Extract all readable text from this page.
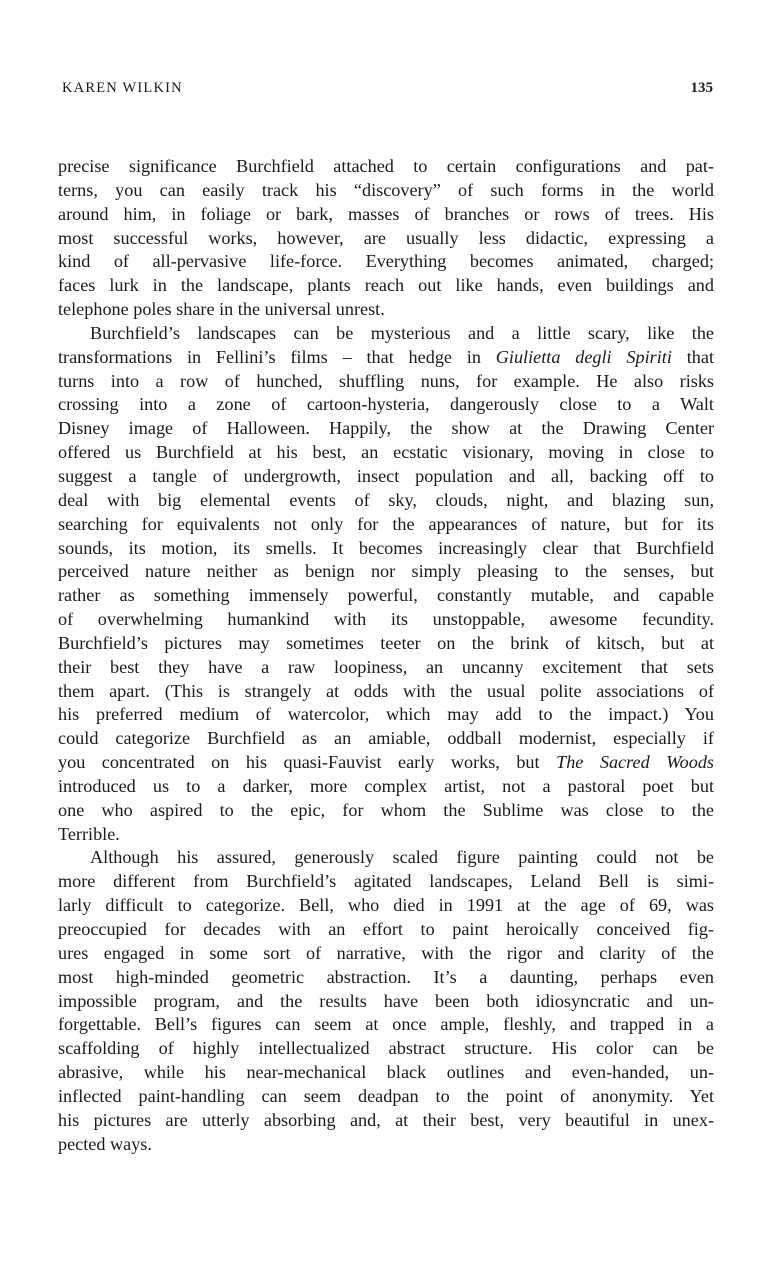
KAREN WILKIN	135
precise significance Burchfield attached to certain configurations and pat-
terns, you can easily track his “discovery” of such forms in the world
around him, in foliage or bark, masses of branches or rows of trees. His
most successful works, however, are usually less didactic, expressing a
kind of all-pervasive life-force. Everything becomes animated, charged;
faces lurk in the landscape, plants reach out like hands, even buildings and
telephone poles share in the universal unrest.
Burchfield’s landscapes can be mysterious and a little scary, like the
transformations in Fellini’s films – that hedge in Giulietta degli Spiriti that
turns into a row of hunched, shuffling nuns, for example. He also risks
crossing into a zone of cartoon-hysteria, dangerously close to a Walt
Disney image of Halloween. Happily, the show at the Drawing Center
offered us Burchfield at his best, an ecstatic visionary, moving in close to
suggest a tangle of undergrowth, insect population and all, backing off to
deal with big elemental events of sky, clouds, night, and blazing sun,
searching for equivalents not only for the appearances of nature, but for its
sounds, its motion, its smells. It becomes increasingly clear that Burchfield
perceived nature neither as benign nor simply pleasing to the senses, but
rather as something immensely powerful, constantly mutable, and capable
of overwhelming humankind with its unstoppable, awesome fecundity.
Burchfield’s pictures may sometimes teeter on the brink of kitsch, but at
their best they have a raw loopiness, an uncanny excitement that sets
them apart. (This is strangely at odds with the usual polite associations of
his preferred medium of watercolor, which may add to the impact.) You
could categorize Burchfield as an amiable, oddball modernist, especially if
you concentrated on his quasi-Fauvist early works, but The Sacred Woods
introduced us to a darker, more complex artist, not a pastoral poet but
one who aspired to the epic, for whom the Sublime was close to the
Terrible.
Although his assured, generously scaled figure painting could not be
more different from Burchfield’s agitated landscapes, Leland Bell is simi-
larly difficult to categorize. Bell, who died in 1991 at the age of 69, was
preoccupied for decades with an effort to paint heroically conceived fig-
ures engaged in some sort of narrative, with the rigor and clarity of the
most high-minded geometric abstraction. It’s a daunting, perhaps even
impossible program, and the results have been both idiosyncratic and un-
forgettable. Bell’s figures can seem at once ample, fleshly, and trapped in a
scaffolding of highly intellectualized abstract structure. His color can be
abrasive, while his near-mechanical black outlines and even-handed, un-
inflected paint-handling can seem deadpan to the point of anonymity. Yet
his pictures are utterly absorbing and, at their best, very beautiful in unex-
pected ways.
